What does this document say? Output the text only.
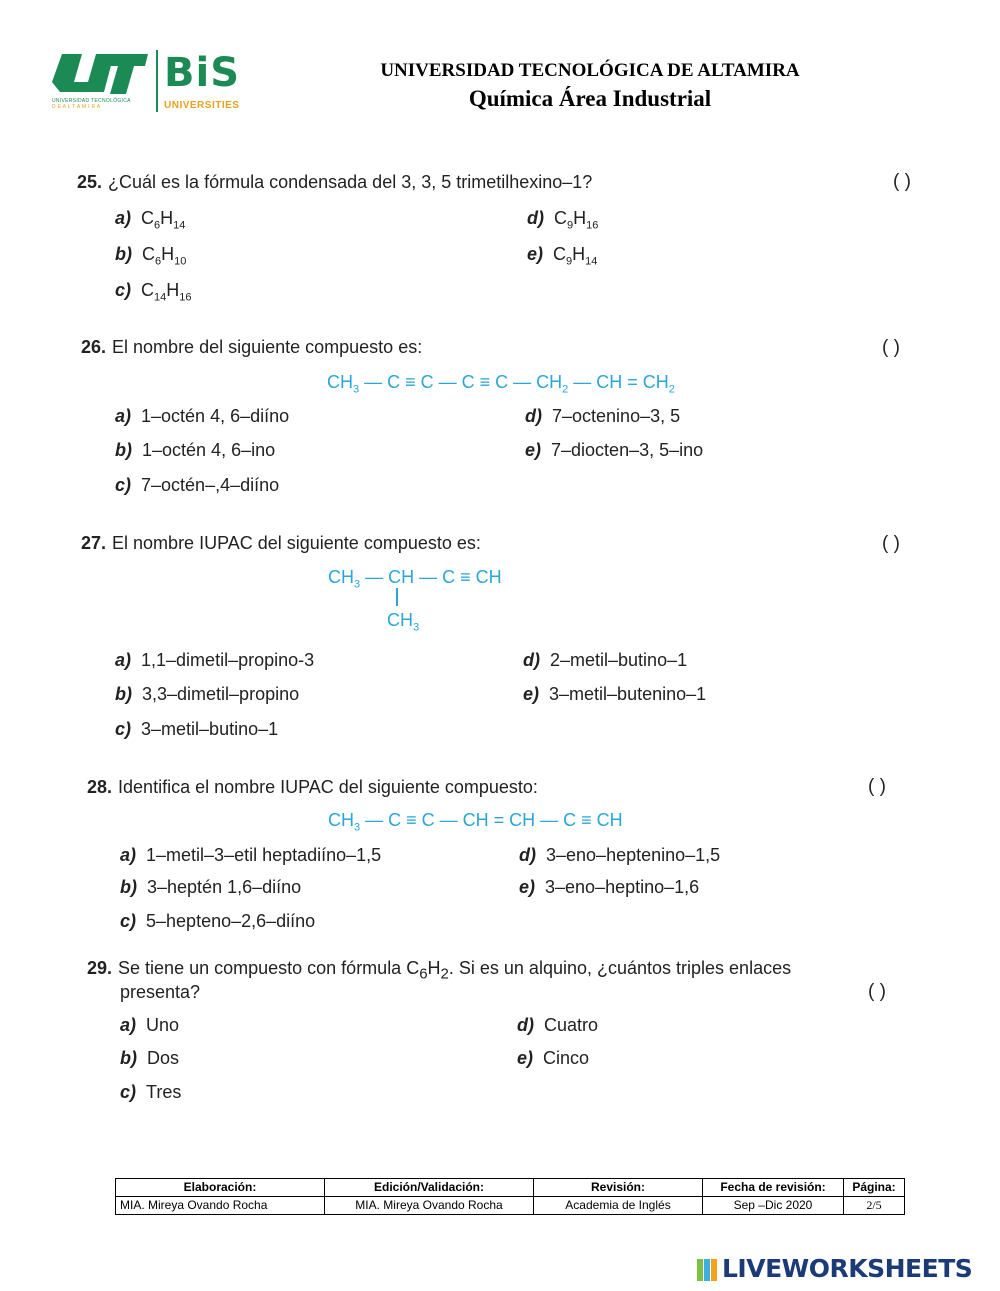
UNIVERSIDAD TECNOLÓGICA
D E A L T A M I R A
BiS
UNIVERSITIES
UNIVERSIDAD TECNOLÓGICA DE ALTAMIRA
Química Área Industrial
25. ¿Cuál es la fórmula condensada del 3, 3, 5 trimetilhexino–1?	( )
a) $C_6H_{14}$
b) $C_6H_{10}$
c) $C_{14}H_{16}$
d) $C_9H_{16}$
e) $C_9H_{14}$
26. El nombre del siguiente compuesto es:	( )
$CH_3$ — C ≡ C — C ≡ C — $CH_2$ — CH = $CH_2$
a) 1–octén 4, 6–diíno
b) 1–octén 4, 6–ino
c) 7–octén–,4–diíno
d) 7–octenino–3, 5
e) 7–diocten–3, 5–ino
27. El nombre IUPAC del siguiente compuesto es:	( )
$CH_3$ — CH — C ≡ CH
$CH_3$
a) 1,1–dimetil–propino-3
b) 3,3–dimetil–propino
c) 3–metil–butino–1
d) 2–metil–butino–1
e) 3–metil–butenino–1
28. Identifica el nombre IUPAC del siguiente compuesto:	( )
$CH_3$ — C ≡ C — CH = CH — C ≡ CH
a) 1–metil–3–etil heptadiíno–1,5
b) 3–heptén 1,6–diíno
c) 5–hepteno–2,6–diíno
d) 3–eno–heptenino–1,5
e) 3–eno–heptino–1,6
29. Se tiene un compuesto con fórmula $C_6H_2$. Si es un alquino, ¿cuántos triples enlaces
presenta?	( )
a) Uno
b) Dos
c) Tres
d) Cuatro
e) Cinco
Elaboración:	Edición/Validación:	Revisión:	Fecha de revisión:	Página:
MIA. Mireya Ovando Rocha	MIA. Mireya Ovando Rocha	Academia de Inglés	Sep –Dic 2020	2/5
LIVEWORKSHEETS
